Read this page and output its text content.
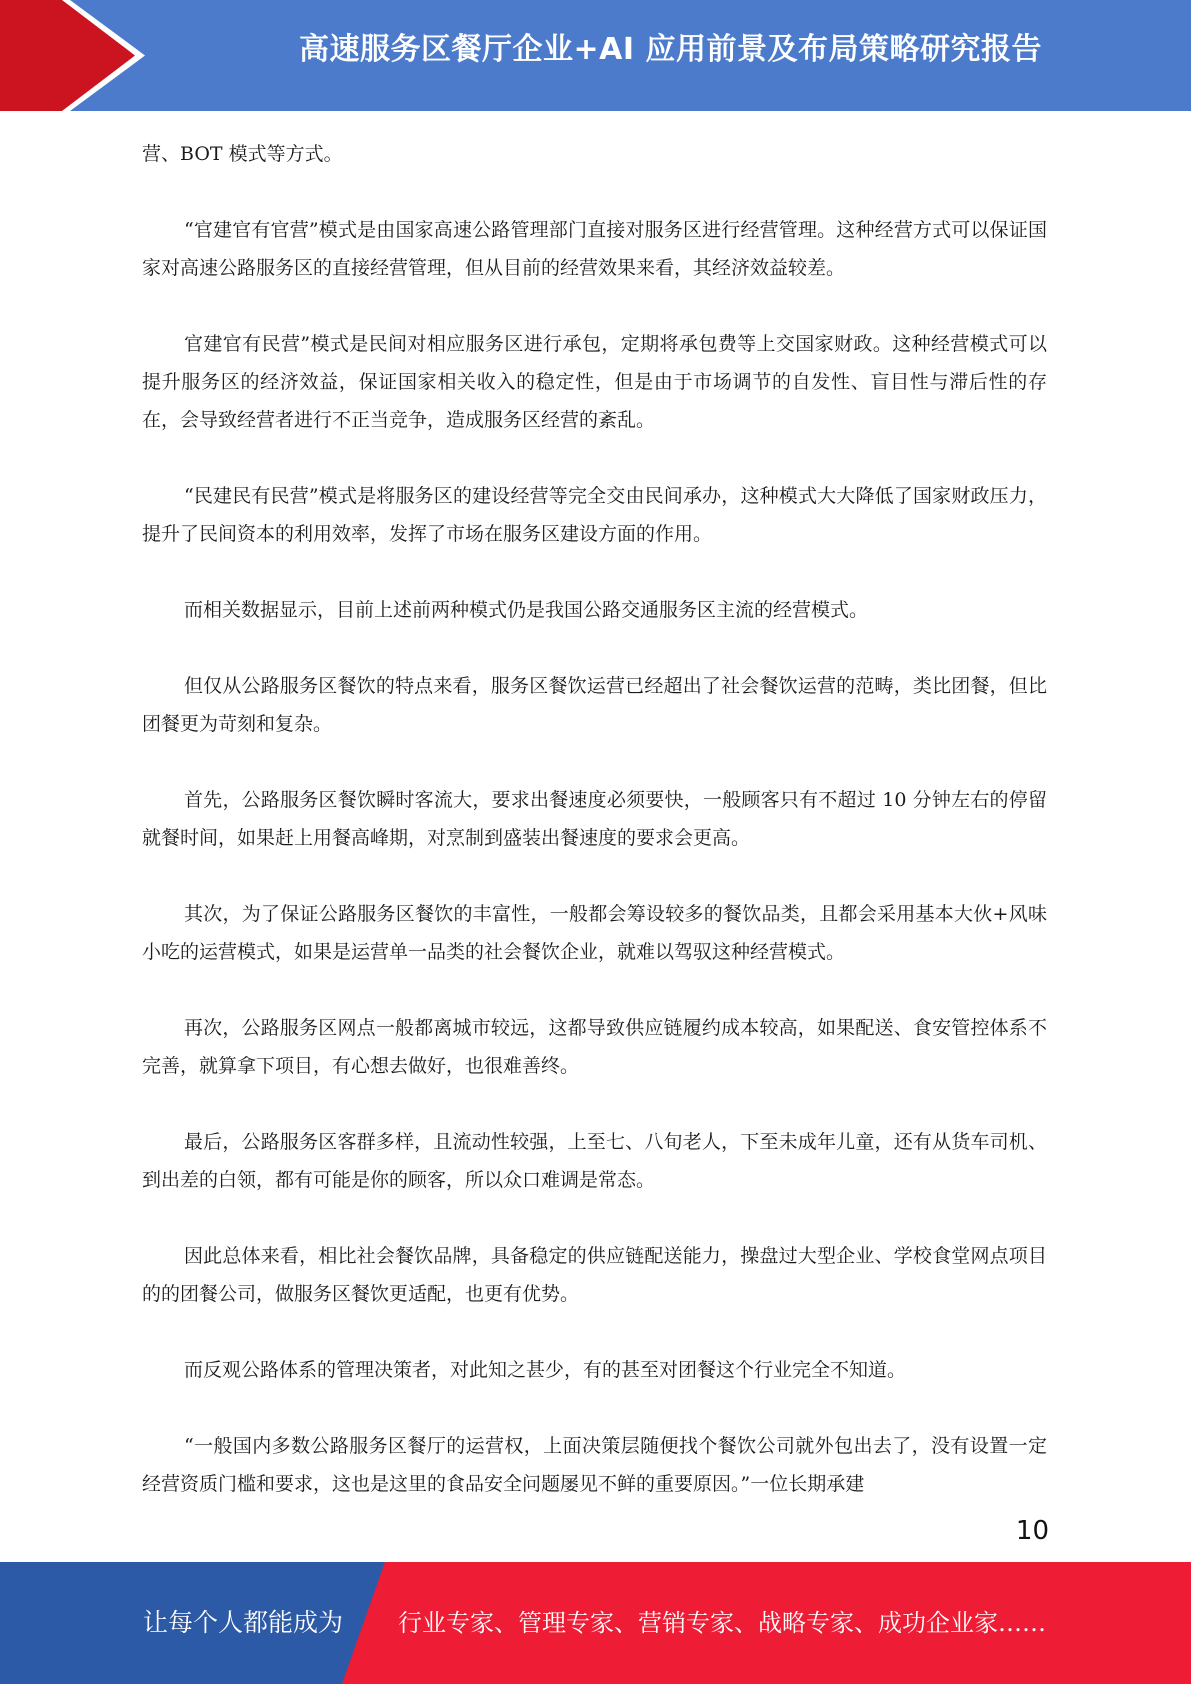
高速服务区餐厅企业+AI 应用前景及布局策略研究报告

营、BOT 模式等方式。

“官建官有官营”模式是由国家高速公路管理部门直接对服务区进行经营管理。这种经营方式可以保证国家对高速公路服务区的直接经营管理，但从目前的经营效果来看，其经济效益较差。

官建官有民营”模式是民间对相应服务区进行承包，定期将承包费等上交国家财政。这种经营模式可以提升服务区的经济效益，保证国家相关收入的稳定性，但是由于市场调节的自发性、盲目性与滞后性的存在，会导致经营者进行不正当竞争，造成服务区经营的紊乱。

“民建民有民营”模式是将服务区的建设经营等完全交由民间承办，这种模式大大降低了国家财政压力，提升了民间资本的利用效率，发挥了市场在服务区建设方面的作用。

而相关数据显示，目前上述前两种模式仍是我国公路交通服务区主流的经营模式。

但仅从公路服务区餐饮的特点来看，服务区餐饮运营已经超出了社会餐饮运营的范畴，类比团餐，但比团餐更为苛刻和复杂。

首先，公路服务区餐饮瞬时客流大，要求出餐速度必须要快，一般顾客只有不超过 10 分钟左右的停留就餐时间，如果赶上用餐高峰期，对烹制到盛装出餐速度的要求会更高。

其次，为了保证公路服务区餐饮的丰富性，一般都会筹设较多的餐饮品类，且都会采用基本大伙+风味小吃的运营模式，如果是运营单一品类的社会餐饮企业，就难以驾驭这种经营模式。

再次，公路服务区网点一般都离城市较远，这都导致供应链履约成本较高，如果配送、食安管控体系不完善，就算拿下项目，有心想去做好，也很难善终。

最后，公路服务区客群多样，且流动性较强，上至七、八旬老人，下至未成年儿童，还有从货车司机、到出差的白领，都有可能是你的顾客，所以众口难调是常态。

因此总体来看，相比社会餐饮品牌，具备稳定的供应链配送能力，操盘过大型企业、学校食堂网点项目的的团餐公司，做服务区餐饮更适配，也更有优势。

而反观公路体系的管理决策者，对此知之甚少，有的甚至对团餐这个行业完全不知道。

“一般国内多数公路服务区餐厅的运营权，上面决策层随便找个餐饮公司就外包出去了，没有设置一定经营资质门槛和要求，这也是这里的食品安全问题屡见不鲜的重要原因。”一位长期承建

10
让每个人都能成为 行业专家、管理专家、营销专家、战略专家、成功企业家……
